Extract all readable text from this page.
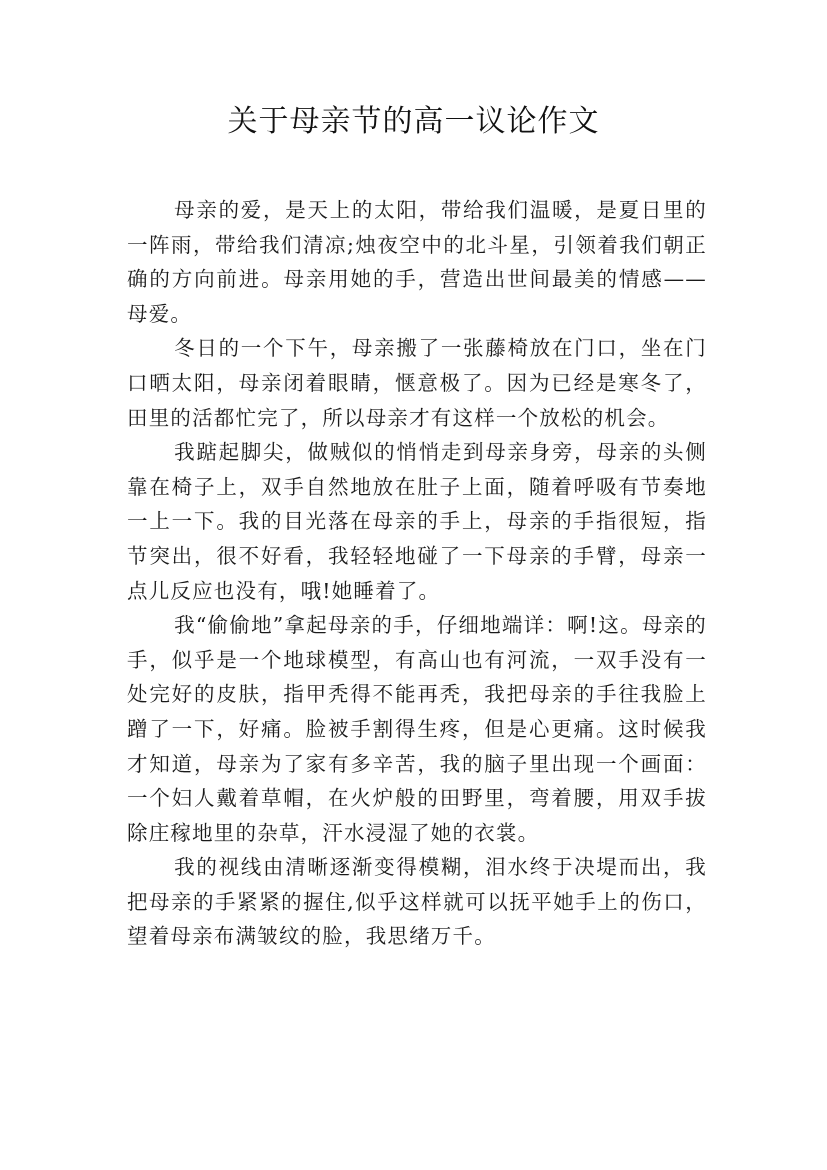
关于母亲节的高一议论作文

母亲的爱，是天上的太阳，带给我们温暖，是夏日里的一阵雨，带给我们清凉;烛夜空中的北斗星，引领着我们朝正确的方向前进。母亲用她的手，营造出世间最美的情感——母爱。

冬日的一个下午，母亲搬了一张藤椅放在门口，坐在门口晒太阳，母亲闭着眼睛，惬意极了。因为已经是寒冬了，田里的活都忙完了，所以母亲才有这样一个放松的机会。

我踮起脚尖，做贼似的悄悄走到母亲身旁，母亲的头侧靠在椅子上，双手自然地放在肚子上面，随着呼吸有节奏地一上一下。我的目光落在母亲的手上，母亲的手指很短，指节突出，很不好看，我轻轻地碰了一下母亲的手臂，母亲一点儿反应也没有，哦!她睡着了。

我“偷偷地”拿起母亲的手，仔细地端详：啊!这。母亲的手，似乎是一个地球模型，有高山也有河流，一双手没有一处完好的皮肤，指甲秃得不能再秃，我把母亲的手往我脸上蹭了一下，好痛。脸被手割得生疼，但是心更痛。这时候我才知道，母亲为了家有多辛苦，我的脑子里出现一个画面：一个妇人戴着草帽，在火炉般的田野里，弯着腰，用双手拔除庄稼地里的杂草，汗水浸湿了她的衣裳。

我的视线由清晰逐渐变得模糊，泪水终于决堤而出，我把母亲的手紧紧的握住,似乎这样就可以抚平她手上的伤口，望着母亲布满皱纹的脸，我思绪万千。
